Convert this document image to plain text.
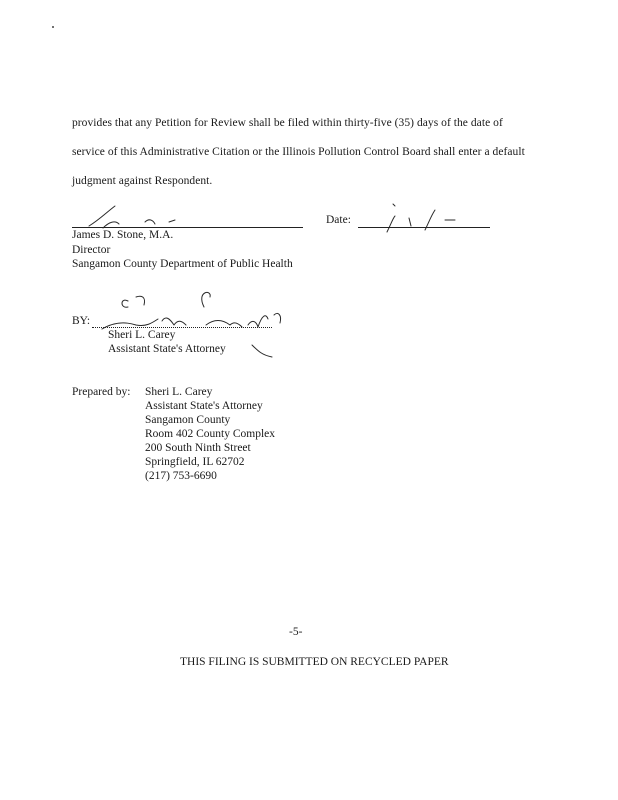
provides that any Petition for Review shall be filed within thirty-five (35) days of the date of
service of this Administrative Citation or the Illinois Pollution Control Board shall enter a default
judgment against Respondent.
Date:
James D. Stone, M.A.
Director
Sangamon County Department of Public Health
BY:
Sheri L. Carey
Assistant State's Attorney
Prepared by: Sheri L. Carey
Assistant State's Attorney
Sangamon County
Room 402 County Complex
200 South Ninth Street
Springfield, IL 62702
(217) 753-6690
-5-
THIS FILING IS SUBMITTED ON RECYCLED PAPER
